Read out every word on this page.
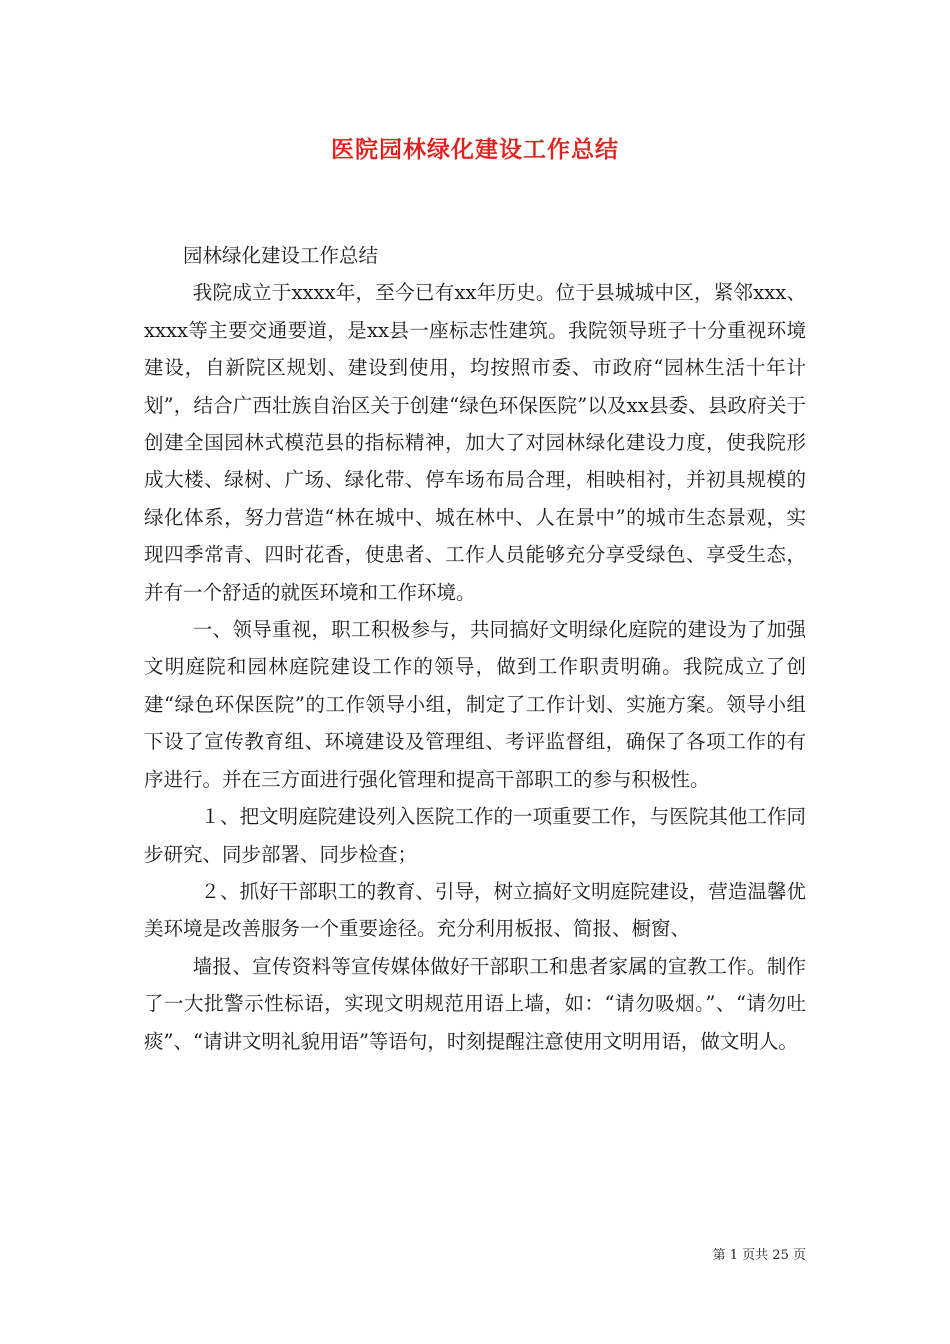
医院园林绿化建设工作总结

园林绿化建设工作总结

我院成立于xxxx年，至今已有xx年历史。位于县城城中区，紧邻xxx、xxxx等主要交通要道，是xx县一座标志性建筑。我院领导班子十分重视环境建设，自新院区规划、建设到使用，均按照市委、市政府“园林生活十年计划”，结合广西壮族自治区关于创建“绿色环保医院”以及xx县委、县政府关于创建全国园林式模范县的指标精神，加大了对园林绿化建设力度，使我院形成大楼、绿树、广场、绿化带、停车场布局合理，相映相衬，并初具规模的绿化体系，努力营造“林在城中、城在林中、人在景中”的城市生态景观，实现四季常青、四时花香，使患者、工作人员能够充分享受绿色、享受生态，并有一个舒适的就医环境和工作环境。

一、领导重视，职工积极参与，共同搞好文明绿化庭院的建设为了加强文明庭院和园林庭院建设工作的领导，做到工作职责明确。我院成立了创建“绿色环保医院”的工作领导小组，制定了工作计划、实施方案。领导小组下设了宣传教育组、环境建设及管理组、考评监督组，确保了各项工作的有序进行。并在三方面进行强化管理和提高干部职工的参与积极性。

１、把文明庭院建设列入医院工作的一项重要工作，与医院其他工作同步研究、同步部署、同步检查；

２、抓好干部职工的教育、引导，树立搞好文明庭院建设，营造温馨优美环境是改善服务一个重要途径。充分利用板报、简报、橱窗、

墙报、宣传资料等宣传媒体做好干部职工和患者家属的宣教工作。制作了一大批警示性标语，实现文明规范用语上墙，如：“请勿吸烟。”、“请勿吐痰”、“请讲文明礼貌用语”等语句，时刻提醒注意使用文明用语，做文明人。

第 1 页共 25 页
